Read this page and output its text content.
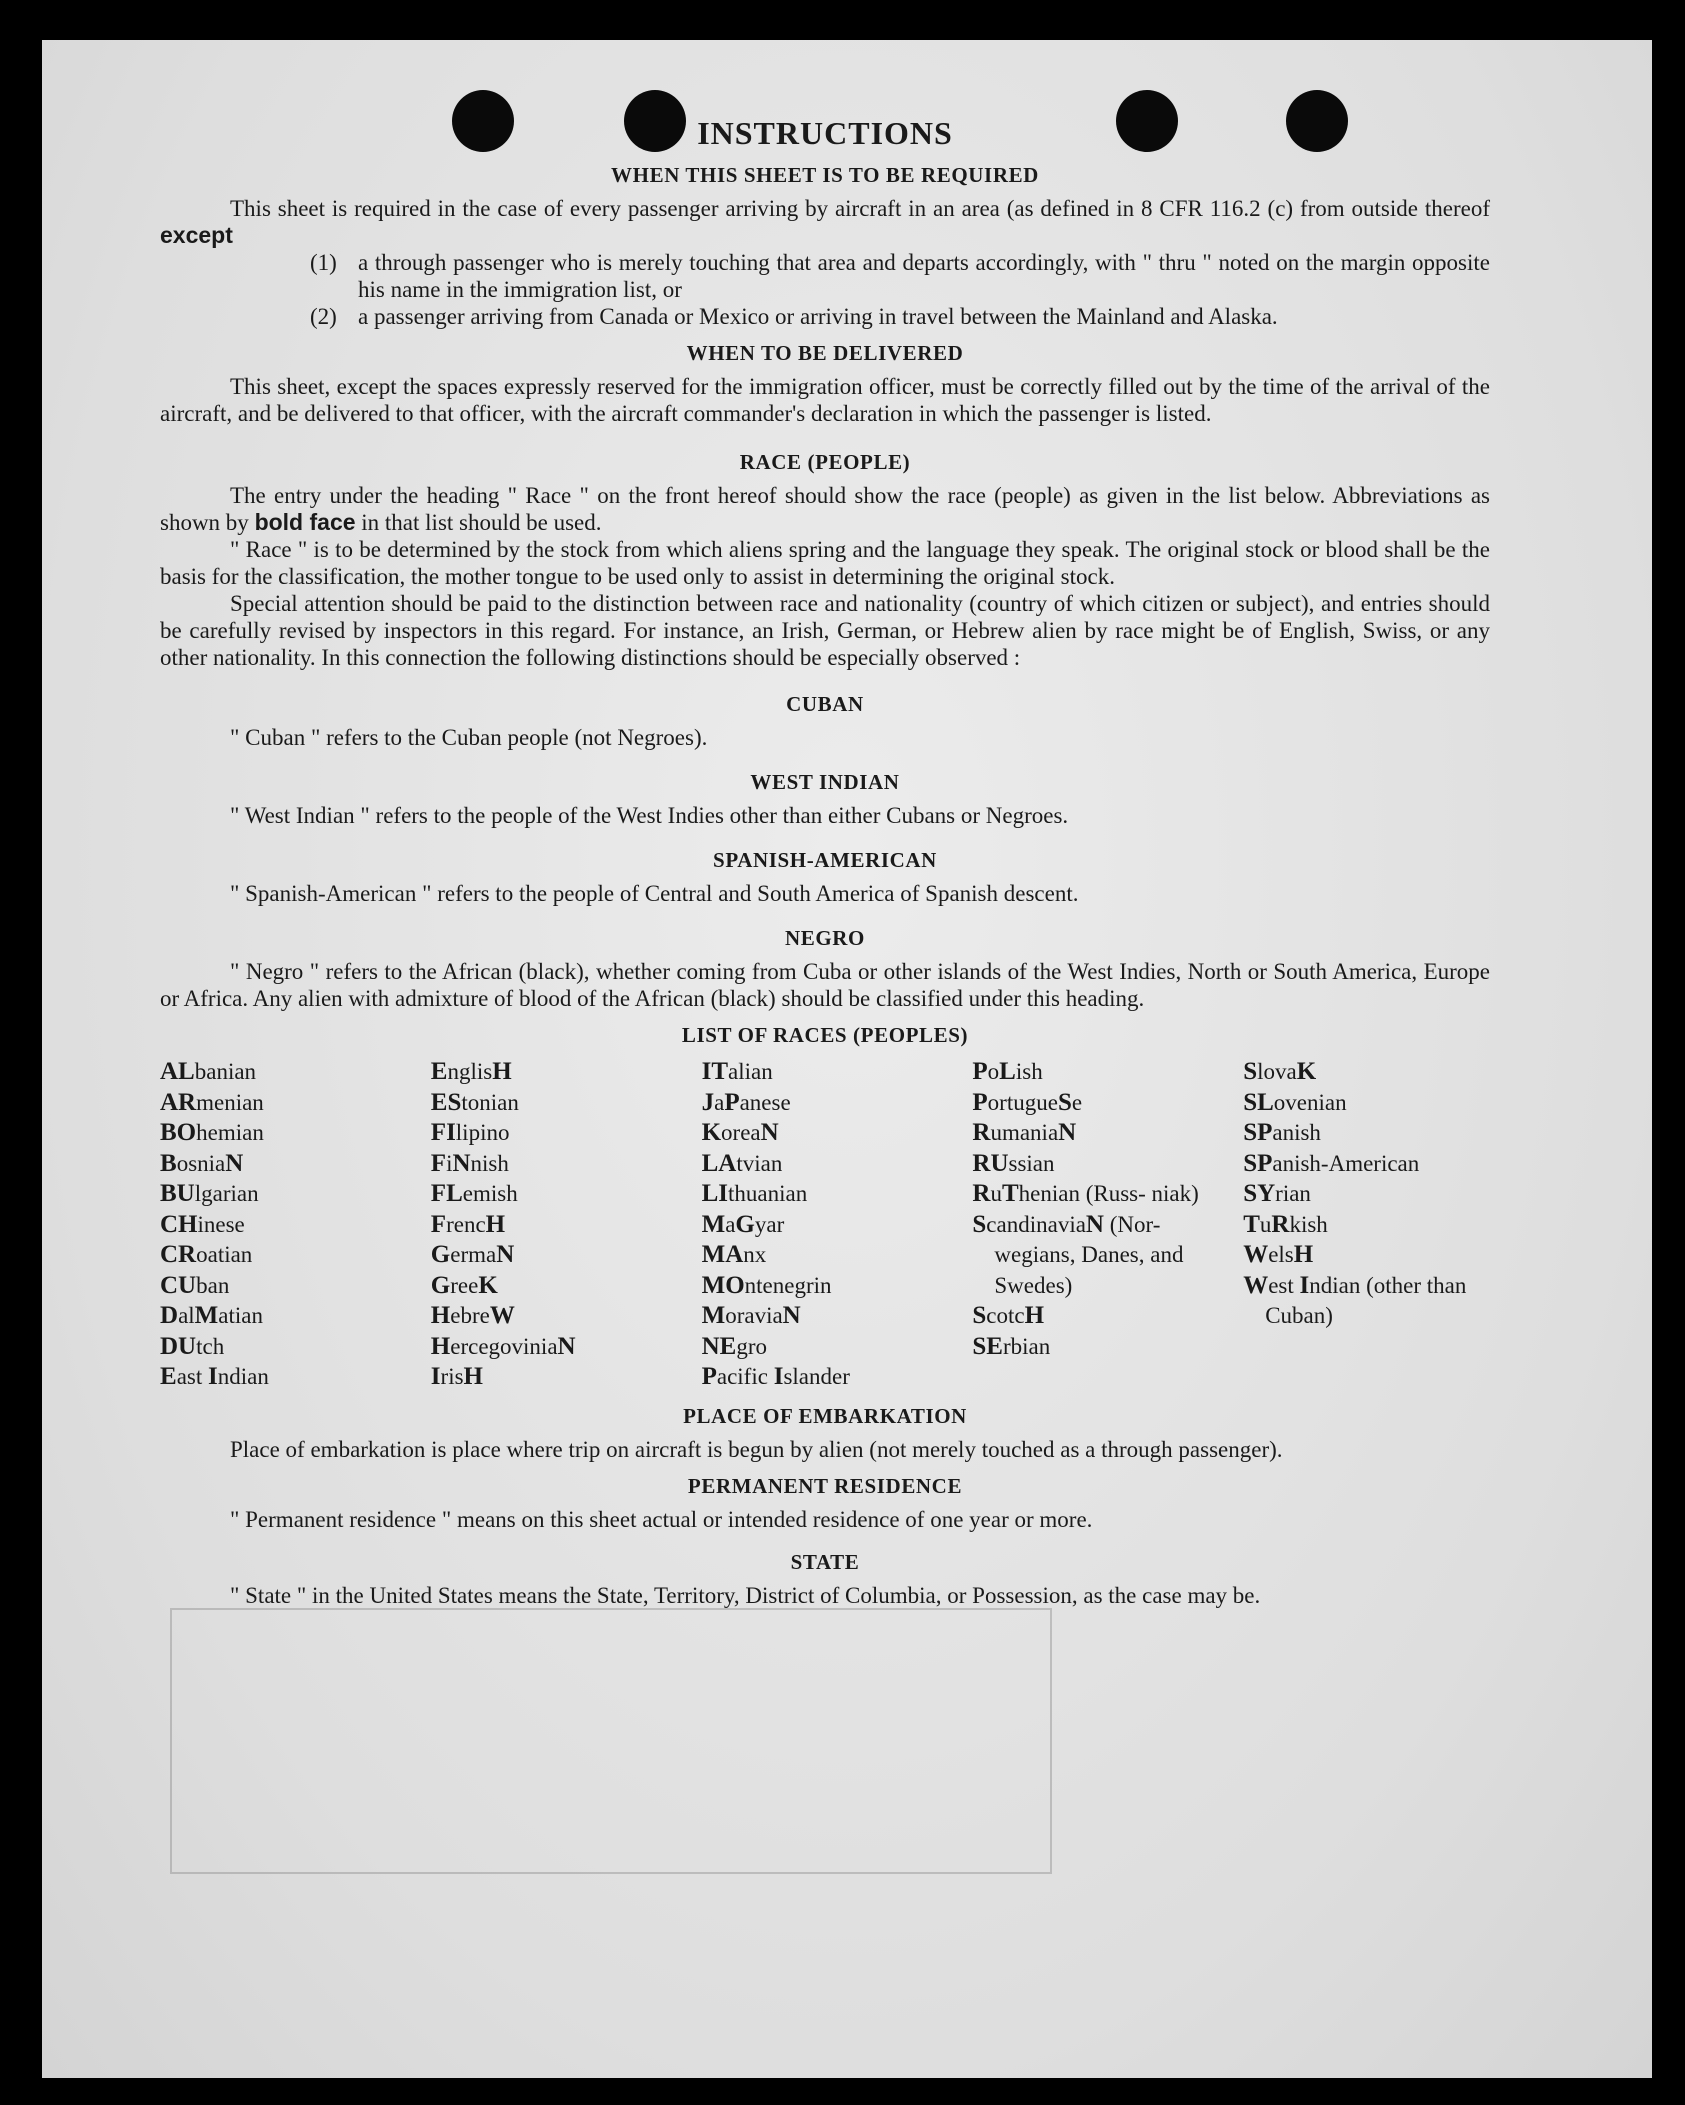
INSTRUCTIONS
WHEN THIS SHEET IS TO BE REQUIRED

This sheet is required in the case of every passenger arriving by aircraft in an area (as defined in 8 CFR 116.2 (c) from outside thereof except

(1) a through passenger who is merely touching that area and departs accordingly, with " thru " noted on the margin opposite his name in the immigration list, or
(2) a passenger arriving from Canada or Mexico or arriving in travel between the Mainland and Alaska.
WHEN TO BE DELIVERED

This sheet, except the spaces expressly reserved for the immigration officer, must be correctly filled out by the time of the arrival of the aircraft, and be delivered to that officer, with the aircraft commander's declaration in which the passenger is listed.

RACE (PEOPLE)

The entry under the heading " Race " on the front hereof should show the race (people) as given in the list below. Abbreviations as shown by bold face in that list should be used.

" Race " is to be determined by the stock from which aliens spring and the language they speak. The original stock or blood shall be the basis for the classification, the mother tongue to be used only to assist in determining the original stock.

Special attention should be paid to the distinction between race and nationality (country of which citizen or subject), and entries should be carefully revised by inspectors in this regard. For instance, an Irish, German, or Hebrew alien by race might be of English, Swiss, or any other nationality. In this connection the following distinctions should be especially observed :

CUBAN

" Cuban " refers to the Cuban people (not Negroes).

WEST INDIAN

" West Indian " refers to the people of the West Indies other than either Cubans or Negroes.

SPANISH-AMERICAN

" Spanish-American " refers to the people of Central and South America of Spanish descent.

NEGRO

" Negro " refers to the African (black), whether coming from Cuba or other islands of the West Indies, North or South America, Europe or Africa. Any alien with admixture of blood of the African (black) should be classified under this heading.

LIST OF RACES (PEOPLES)
ALbanian
ARmenian
BOhemian
BosniaN
BUlgarian
CHinese
CRoatian
CUban
DalMatian
DUtch
East Indian
EnglisH
EStonian
FIlipino
FiNnish
FLemish
FrencH
GermaN
GreeK
HebreW
HercegoviniaN
IrisH
ITalian
JaPanese
KoreaN
LAtvian
LIthuanian
MaGyar
MAnx
MOntenegrin
MoraviaN
NEgro
Pacific Islander
PoLish
PortugueSe
RumaniaN
RUssian
RuThenian (Russ- niak)
ScandinaviaN (Nor- wegians, Danes, and Swedes)
ScotcH
SErbian
SlovaK
SLovenian
SPanish
SPanish-American
SYrian
TuRkish
WelsH
West Indian (other than Cuban)
PLACE OF EMBARKATION

Place of embarkation is place where trip on aircraft is begun by alien (not merely touched as a through passenger).

PERMANENT RESIDENCE

" Permanent residence " means on this sheet actual or intended residence of one year or more.

STATE

" State " in the United States means the State, Territory, District of Columbia, or Possession, as the case may be.
